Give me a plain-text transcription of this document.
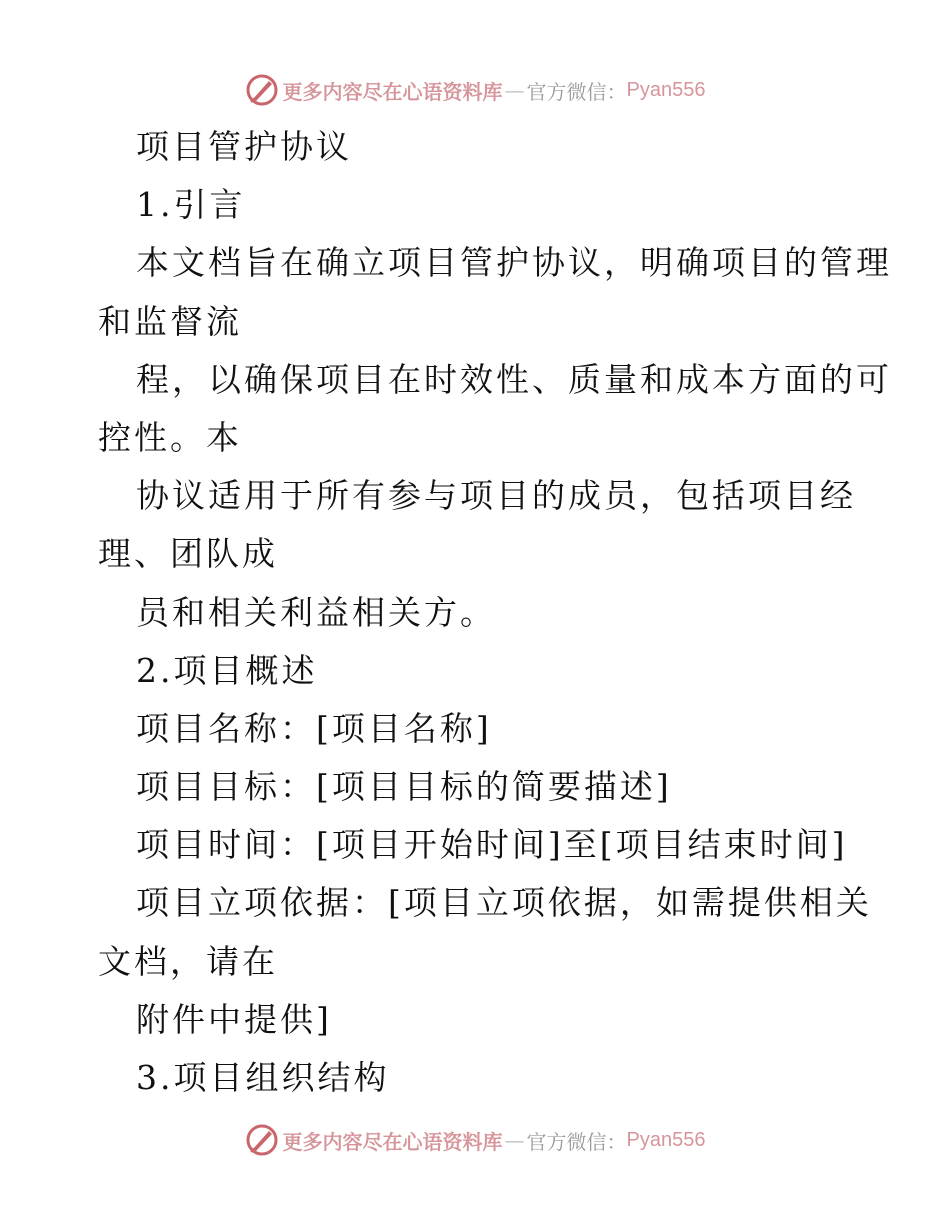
更多内容尽在心语资料库 — 官方微信： Pyan556
项目管护协议
1.引言
本文档旨在确立项目管护协议，明确项目的管理
和监督流
程，以确保项目在时效性、质量和成本方面的可
控性。本
协议适用于所有参与项目的成员，包括项目经
理、团队成
员和相关利益相关方。
2.项目概述
项目名称：[项目名称]
项目目标：[项目目标的简要描述]
项目时间：[项目开始时间]至[项目结束时间]
项目立项依据：[项目立项依据，如需提供相关
文档，请在
附件中提供]
3.项目组织结构
更多内容尽在心语资料库 — 官方微信： Pyan556
